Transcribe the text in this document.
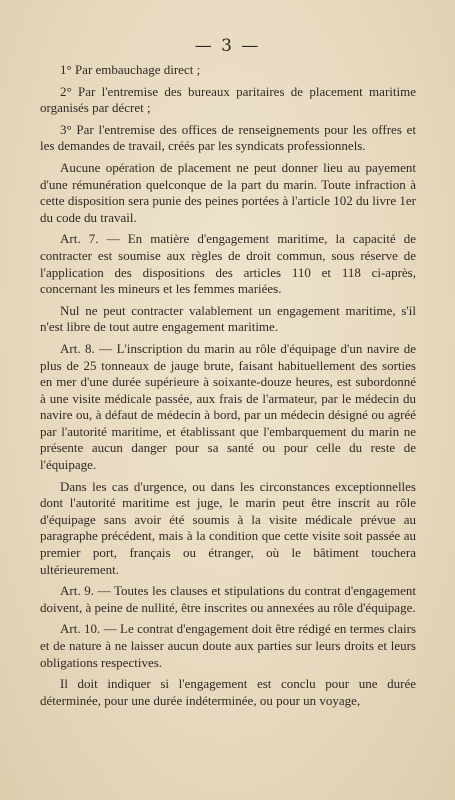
— 3 —

1° Par embauchage direct ;

2° Par l'entremise des bureaux paritaires de placement maritime organisés par décret ;

3° Par l'entremise des offices de renseignements pour les offres et les demandes de travail, créés par les syndicats professionnels.

Aucune opération de placement ne peut donner lieu au payement d'une rémunération quelconque de la part du marin. Toute infraction à cette disposition sera punie des peines portées à l'article 102 du livre 1er du code du travail.

Art. 7. — En matière d'engagement maritime, la capacité de contracter est soumise aux règles de droit commun, sous réserve de l'application des dispositions des articles 110 et 118 ci-après, concernant les mineurs et les femmes mariées.

Nul ne peut contracter valablement un engagement maritime, s'il n'est libre de tout autre engagement maritime.

Art. 8. — L'inscription du marin au rôle d'équipage d'un navire de plus de 25 tonneaux de jauge brute, faisant habituellement des sorties en mer d'une durée supérieure à soixante-douze heures, est subordonné à une visite médicale passée, aux frais de l'armateur, par le médecin du navire ou, à défaut de médecin à bord, par un médecin désigné ou agréé par l'autorité maritime, et établissant que l'embarquement du marin ne présente aucun danger pour sa santé ou pour celle du reste de l'équipage.

Dans les cas d'urgence, ou dans les circonstances exceptionnelles dont l'autorité maritime est juge, le marin peut être inscrit au rôle d'équipage sans avoir été soumis à la visite médicale prévue au paragraphe précédent, mais à la condition que cette visite soit passée au premier port, français ou étranger, où le bâtiment touchera ultérieurement.

Art. 9. — Toutes les clauses et stipulations du contrat d'engagement doivent, à peine de nullité, être inscrites ou annexées au rôle d'équipage.

Art. 10. — Le contrat d'engagement doit être rédigé en termes clairs et de nature à ne laisser aucun doute aux parties sur leurs droits et leurs obligations respectives.

Il doit indiquer si l'engagement est conclu pour une durée déterminée, pour une durée indéterminée, ou pour un voyage,
